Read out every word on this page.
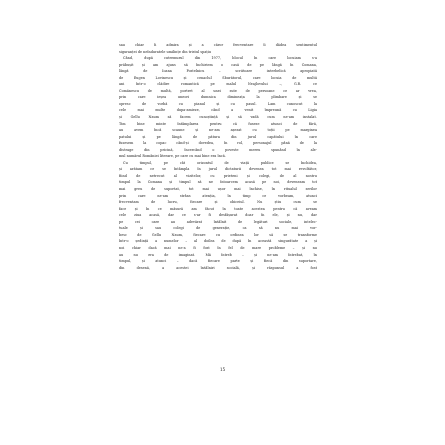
sau chiar îi admira și a căror frecventare îi dădea sentimentul
siguranței de neînduratele umilințe din tristul spațiu
Când, după cutremurul din 1977, blocul în care locuiam s-a
prăbușit și am ajuns să închiriem o casă de pe lângă în Comana,
lângă de Ioana Postelnicu – scriitoare interbelică apropiată
de Eugen Lovinescu și cenaclul Sburătorul, care locuia de multă
ani într-o clădire romantică pe malul Neajlovului –, G.R. ce
Comănescu de multă, portret al unei sute de persoane ce ar vrea,
prin care ieșea uneori dumnica dimineața la plimbare și se
opresc de vorbă cu pianul și cu pasul. Lam cunoscut la
cele mai multe dupa-amieze, când a venit împreună cu Ligia
și Gellu Naum să facem cunoștință și să vadă cum ne-am instalat.
Tim bine minte întâmplarea pentru că fusese atunci de fără,
au avem încă scaune și ne-am așezat cu toții pe marginea
patului și pe lângă de pătura din jurul capătului în care
fusesem la copac când-și dovedea, în rol, personajul până de la
distrage din pricină, încercând o poveste mereu spunând în ale-
mul numărul României literare, pe care cu mai bine era încă.
Cu timpul, pe cât orizontul de viață publice se închidea,
și arătam ce se întâmpla în jurul dictaturii devenea tot mai revoltător,
fiind de netrecut al vizitelor, cu prieteni și colegi, de al nostru
timpul la Comana și timpul să ne întoarcem acasă pe noi, deveneam tot
mai greu de suportat, tot mai ușor mai închise, în ritualul serilor
prin care ne-am strâns atenția, în timp ce vorbeam, atunci
frecventam de lucru, fiecare și obiceiul. Nu știu cum se
face și în ce măsură am făcut în toate acestea pentru că aveam
cele ziua acasă, dar ce s-ar fi desfășurat doar în ele, și nu, dar
pe cei care au adevărat întâlnit de legături sociale, intelec-
tuale și sau colegi de generație, ca să nu mai vor-
besc de Gellu Naum, fiecare cu ordinea lor să se transforme
într-o ședință a numelor – al doilea de după în această singurătate a și
noi chiar dacă mai ne-a fi fost în fel de mare probleme – și nu
au nu era de imaginat. Mă întreb – și ne-am întrebat, în
timpul, și atunci – dacă fiecare parte și fiecă din suportare,
din desenă, a acestei întâlniri socială, și răspunsul a fost
15
